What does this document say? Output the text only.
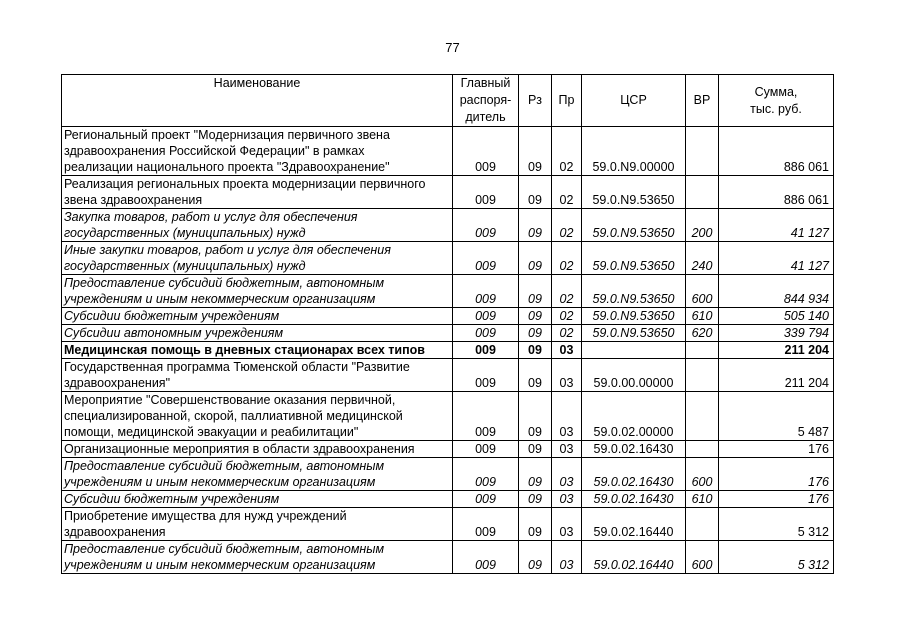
77
Наименование	Главный
распоря-
дитель	Рз	Пр	ЦСР	ВР	Сумма,
тыс. руб.

Региональный проект "Модернизация первичного звена
здравоохранения Российской Федерации" в рамках
реализации национального проекта "Здравоохранение"	009	09	02	59.0.N9.00000		886 061

Реализация региональных проекта модернизации первичного
звена здравоохранения	009	09	02	59.0.N9.53650		886 061

Закупка товаров, работ и услуг для обеспечения
государственных (муниципальных) нужд	009	09	02	59.0.N9.53650	200	41 127

Иные закупки товаров, работ и услуг для обеспечения
государственных (муниципальных) нужд	009	09	02	59.0.N9.53650	240	41 127

Предоставление субсидий бюджетным, автономным
учреждениям и иным некоммерческим организациям	009	09	02	59.0.N9.53650	600	844 934

Субсидии бюджетным учреждениям	009	09	02	59.0.N9.53650	610	505 140

Субсидии автономным учреждениям	009	09	02	59.0.N9.53650	620	339 794

Медицинская помощь в дневных стационарах всех типов	009	09	03			211 204

Государственная программа Тюменской области "Развитие
здравоохранения"	009	09	03	59.0.00.00000		211 204

Мероприятие "Совершенствование оказания первичной,
специализированной, скорой, паллиативной медицинской
помощи, медицинской эвакуации и реабилитации"	009	09	03	59.0.02.00000		5 487

Организационные мероприятия в области здравоохранения	009	09	03	59.0.02.16430		176

Предоставление субсидий бюджетным, автономным
учреждениям и иным некоммерческим организациям	009	09	03	59.0.02.16430	600	176

Субсидии бюджетным учреждениям	009	09	03	59.0.02.16430	610	176

Приобретение имущества для нужд учреждений
здравоохранения	009	09	03	59.0.02.16440		5 312

Предоставление субсидий бюджетным, автономным
учреждениям и иным некоммерческим организациям	009	09	03	59.0.02.16440	600	5 312
